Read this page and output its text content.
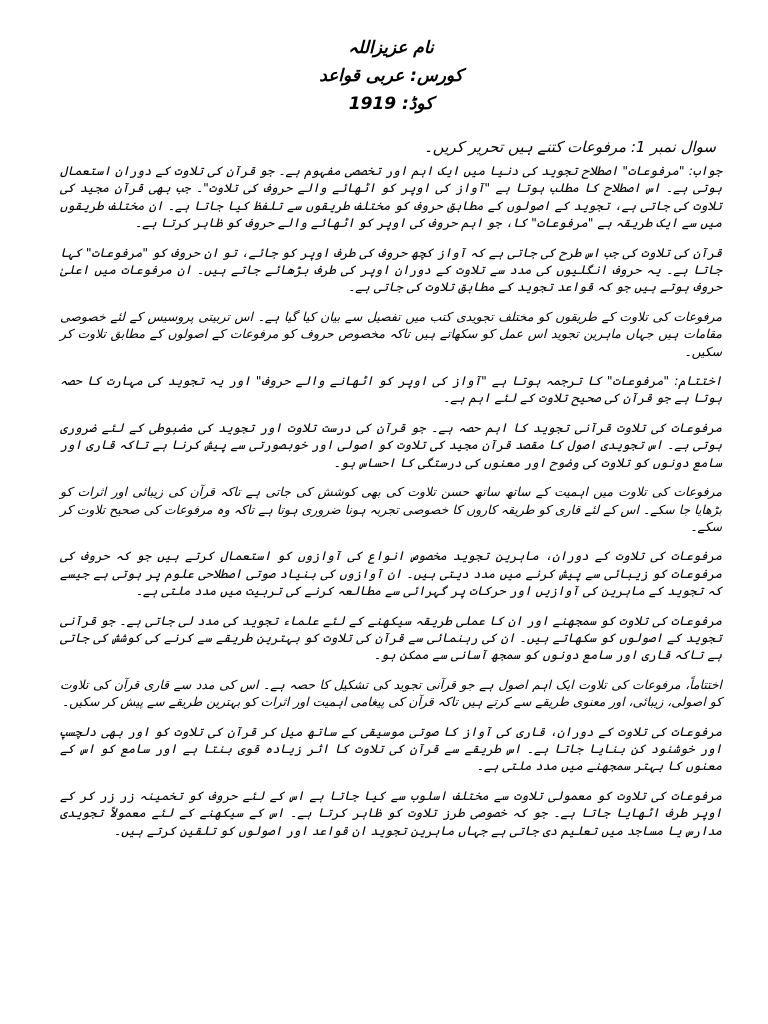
نام عزیزاللہ
کورس: عربی قواعد
کوڈ: 1919
سوال نمبر 1: مرفوعات کتنے ہیں تحریر کریں۔
جواب: "مرفوعات" اصطلاح تجوید کی دنیا میں ایک اہم اور تخصصی مفہوم ہے۔ جو قرآن کی تلاوت کے دوران استعمال ہوتی ہے۔ اس اصطلاح کا مطلب ہوتا ہے "آواز کی اوپر کو اٹھائے والے حروف کی تلاوت"۔ جب بھی قرآن مجید کی تلاوت کی جاتی ہے، تجوید کے اصولوں کے مطابق حروف کو مختلف طریقوں سے تلفظ کیا جاتا ہے۔ ان مختلف طریقوں میں سے ایک طریقہ ہے "مرفوعات" کا، جو اہم حروف کی اوپر کو اٹھائے والے حروف کو ظاہر کرتا ہے۔
قرآن کی تلاوت کی جب اس طرح کی جاتی ہے کہ آواز کچھ حروف کی طرف اوپر کو جائے، تو ان حروف کو "مرفوعات" کہا جاتا ہے۔ یہ حروف انگلیوں کی مدد سے تلاوت کے دوران اوپر کی طرف بڑھائے جاتے ہیں۔ ان مرفوعات میں اعلیٰ حروف ہوتے ہیں جو کہ قواعد تجوید کے مطابق تلاوت کی جاتی ہے۔
مرفوعات کی تلاوت کے طریقوں کو مختلف تجویدی کتب میں تفصیل سے بیان کیا گیا ہے۔ اس تربیتی پروسیس کے لئے خصوصی مقامات ہیں جہاں ماہرین تجوید اس عمل کو سکھاتے ہیں تاکہ مخصوص حروف کو مرفوعات کے اصولوں کے مطابق تلاوت کر سکیں۔
اختتام: "مرفوعات" کا ترجمہ ہوتا ہے "آواز کی اوپر کو اٹھانے والے حروف" اور یہ تجوید کی مہارت کا حصہ ہوتا ہے جو قرآن کی صحیح تلاوت کے لئے اہم ہے۔
مرفوعات کی تلاوت قرآنی تجوید کا اہم حصہ ہے۔ جو قرآن کی درست تلاوت اور تجوید کی مضبوطی کے لئے ضروری ہوتی ہے۔ اس تجویدی اصول کا مقصد قرآن مجید کی تلاوت کو اصولی اور خوبصورتی سے پیش کرنا ہے تاکہ قاری اور سامع دونوں کو تلاوت کی وضوح اور معنوں کی درستگی کا احساس ہو۔
مرفوعات کی تلاوت میں اہمیت کے ساتھ ساتھ حسن تلاوت کی بھی کوشش کی جاتی ہے تاکہ قرآن کی زیبائی اور اثرات کو بڑھایا جا سکے۔ اس کے لئے قاری کو طریقہ کاروں کا خصوصی تجربہ ہونا ضروری ہوتا ہے تاکہ وہ مرفوعات کی صحیح تلاوت کر سکے۔
مرفوعات کی تلاوت کے دوران، ماہرین تجوید مخصوص انواع کی آوازوں کو استعمال کرتے ہیں جو کہ حروف کی مرفوعات کو زیبائی سے پیش کرنے میں مدد دیتی ہیں۔ ان آوازوں کی بنیاد صوتی اصطلاحی علوم پر ہوتی ہے جیسے کہ تجوید کے ماہرین کی آوازیں اور حرکات پر گہرائی سے مطالعہ کرنے کی تربیت میں مدد ملتی ہے۔
مرفوعات کی تلاوت کو سمجھنے اور ان کا عملی طریقہ سیکھنے کے لئے علماء تجوید کی مدد لی جاتی ہے۔ جو قرآنی تجوید کے اصولوں کو سکھاتے ہیں۔ ان کی رہنمائی سے قرآن کی تلاوت کو بہترین طریقے سے کرنے کی کوشش کی جاتی ہے تاکہ قاری اور سامع دونوں کو سمجھ آسانی سے ممکن ہو۔
اختتاماً، مرفوعات کی تلاوت ایک اہم اصول ہے جو قرآنی تجوید کی تشکیل کا حصہ ہے۔ اس کی مدد سے قاری قرآن کی تلاوت کو اصولی، زیبائی، اور معنوی طریقے سے کرتے ہیں تاکہ قرآن کی پیغامی اہمیت اور اثرات کو بہترین طریقے سے پیش کر سکیں۔
مرفوعات کی تلاوت کے دوران، قاری کی آواز کا صوتی موسیقی کے ساتھ میل کر قرآن کی تلاوت کو اور بھی دلچسپ اور خوشنود کن بنایا جاتا ہے۔ اس طریقے سے قرآن کی تلاوت کا اثر زیادہ قوی بنتا ہے اور سامع کو اس کے معنوں کا بہتر سمجھنے میں مدد ملتی ہے۔
مرفوعات کی تلاوت کو معمولی تلاوت سے مختلف اسلوب سے کیا جاتا ہے اس کے لئے حروف کو تخمینہ زر زر کر کے اوپر طرف اٹھایا جاتا ہے۔ جو کہ خصوصی طرز تلاوت کو ظاہر کرتا ہے۔ اس کے سیکھنے کے لئے معمولاً تجویدی مدارس یا مساجد میں تعلیم دی جاتی ہے جہاں ماہرین تجوید ان قواعد اور اصولوں کو تلقین کرتے ہیں۔
